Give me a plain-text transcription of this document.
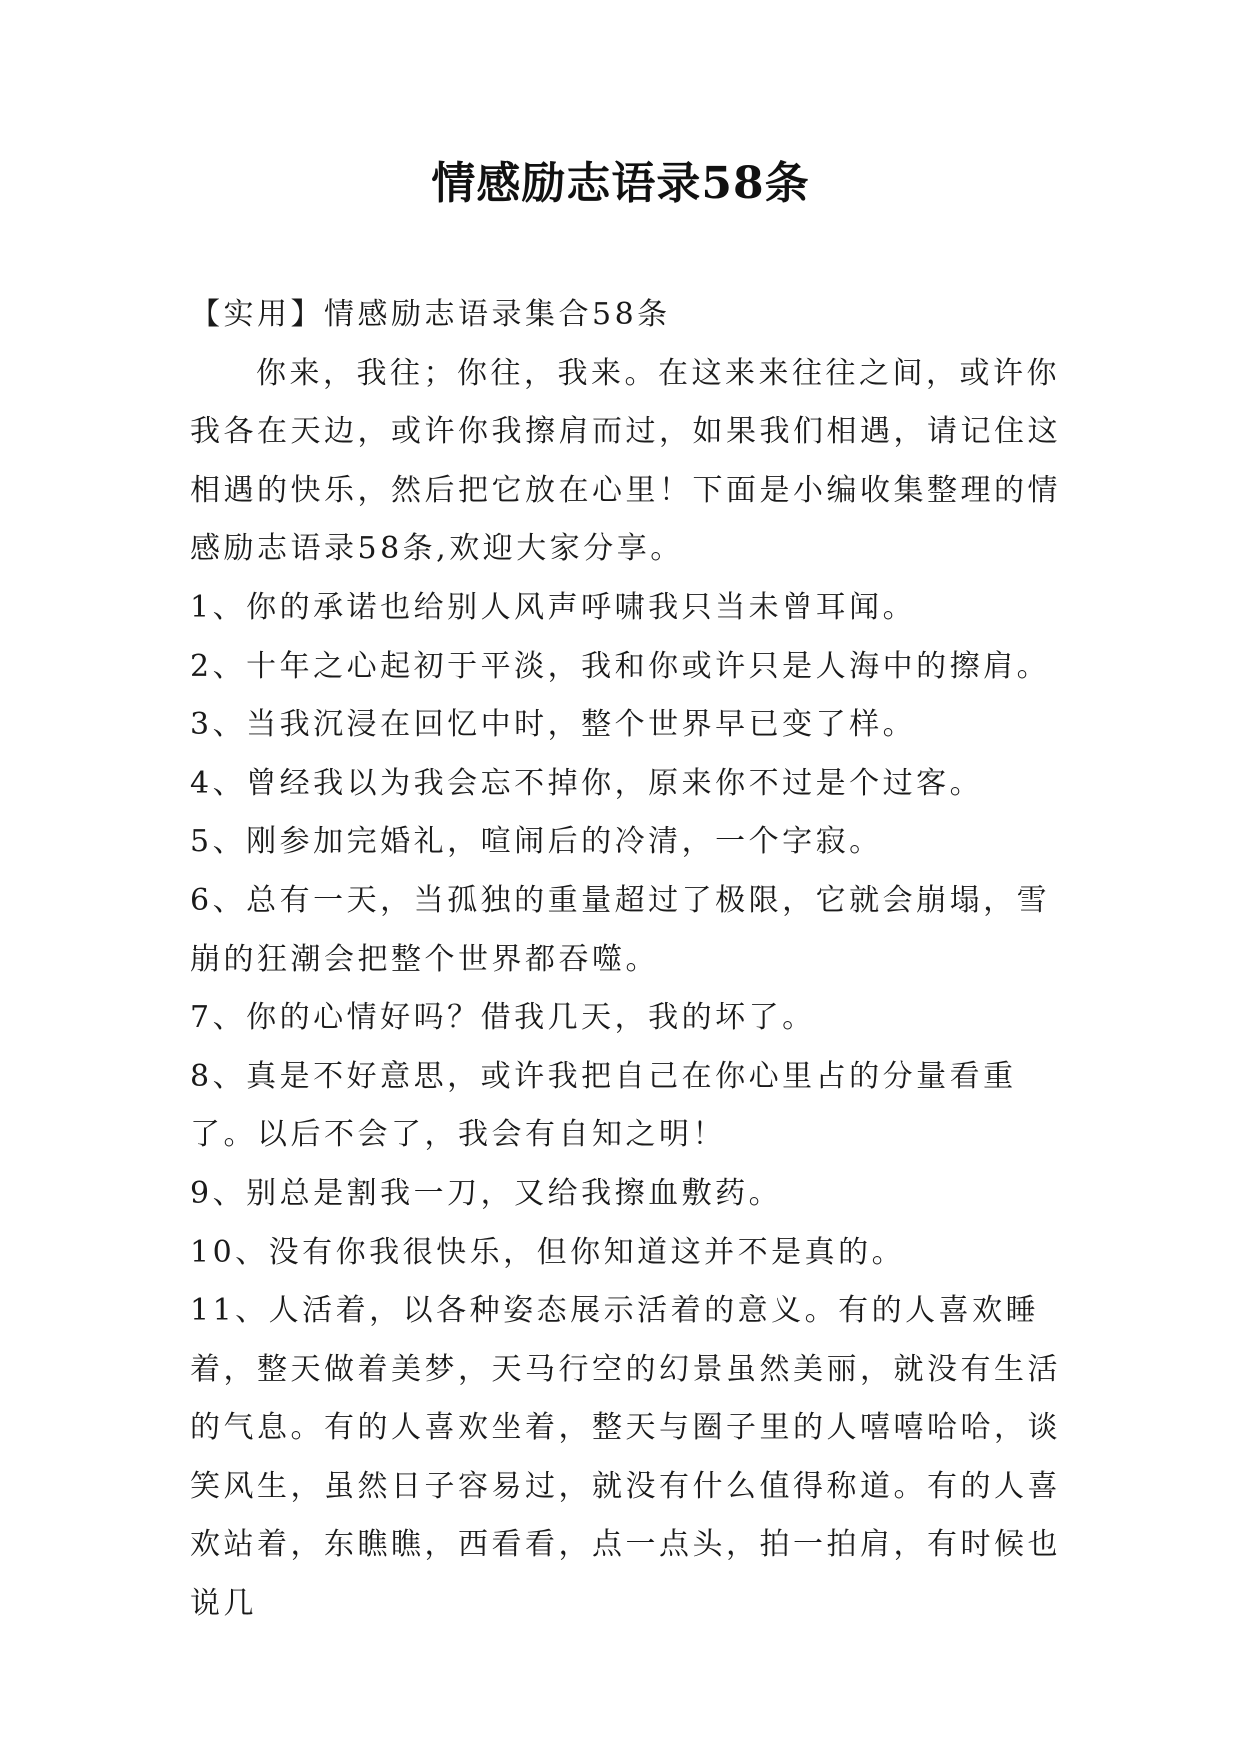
情感励志语录58条

【实用】情感励志语录集合58条

你来，我往；你往，我来。在这来来往往之间，或许你我各在天边，或许你我擦肩而过，如果我们相遇，请记住这相遇的快乐，然后把它放在心里！下面是小编收集整理的情感励志语录58条,欢迎大家分享。

1、你的承诺也给别人风声呼啸我只当未曾耳闻。

2、十年之心起初于平淡，我和你或许只是人海中的擦肩。

3、当我沉浸在回忆中时，整个世界早已变了样。

4、曾经我以为我会忘不掉你，原来你不过是个过客。

5、刚参加完婚礼，喧闹后的冷清，一个字寂。

6、总有一天，当孤独的重量超过了极限，它就会崩塌，雪崩的狂潮会把整个世界都吞噬。

7、你的心情好吗？借我几天，我的坏了。

8、真是不好意思，或许我把自己在你心里占的分量看重了。以后不会了，我会有自知之明！

9、别总是割我一刀，又给我擦血敷药。

10、没有你我很快乐，但你知道这并不是真的。

11、人活着，以各种姿态展示活着的意义。有的人喜欢睡着，整天做着美梦，天马行空的幻景虽然美丽，就没有生活的气息。有的人喜欢坐着，整天与圈子里的人嘻嘻哈哈，谈笑风生，虽然日子容易过，就没有什么值得称道。有的人喜欢站着，东瞧瞧，西看看，点一点头，拍一拍肩，有时候也说几
